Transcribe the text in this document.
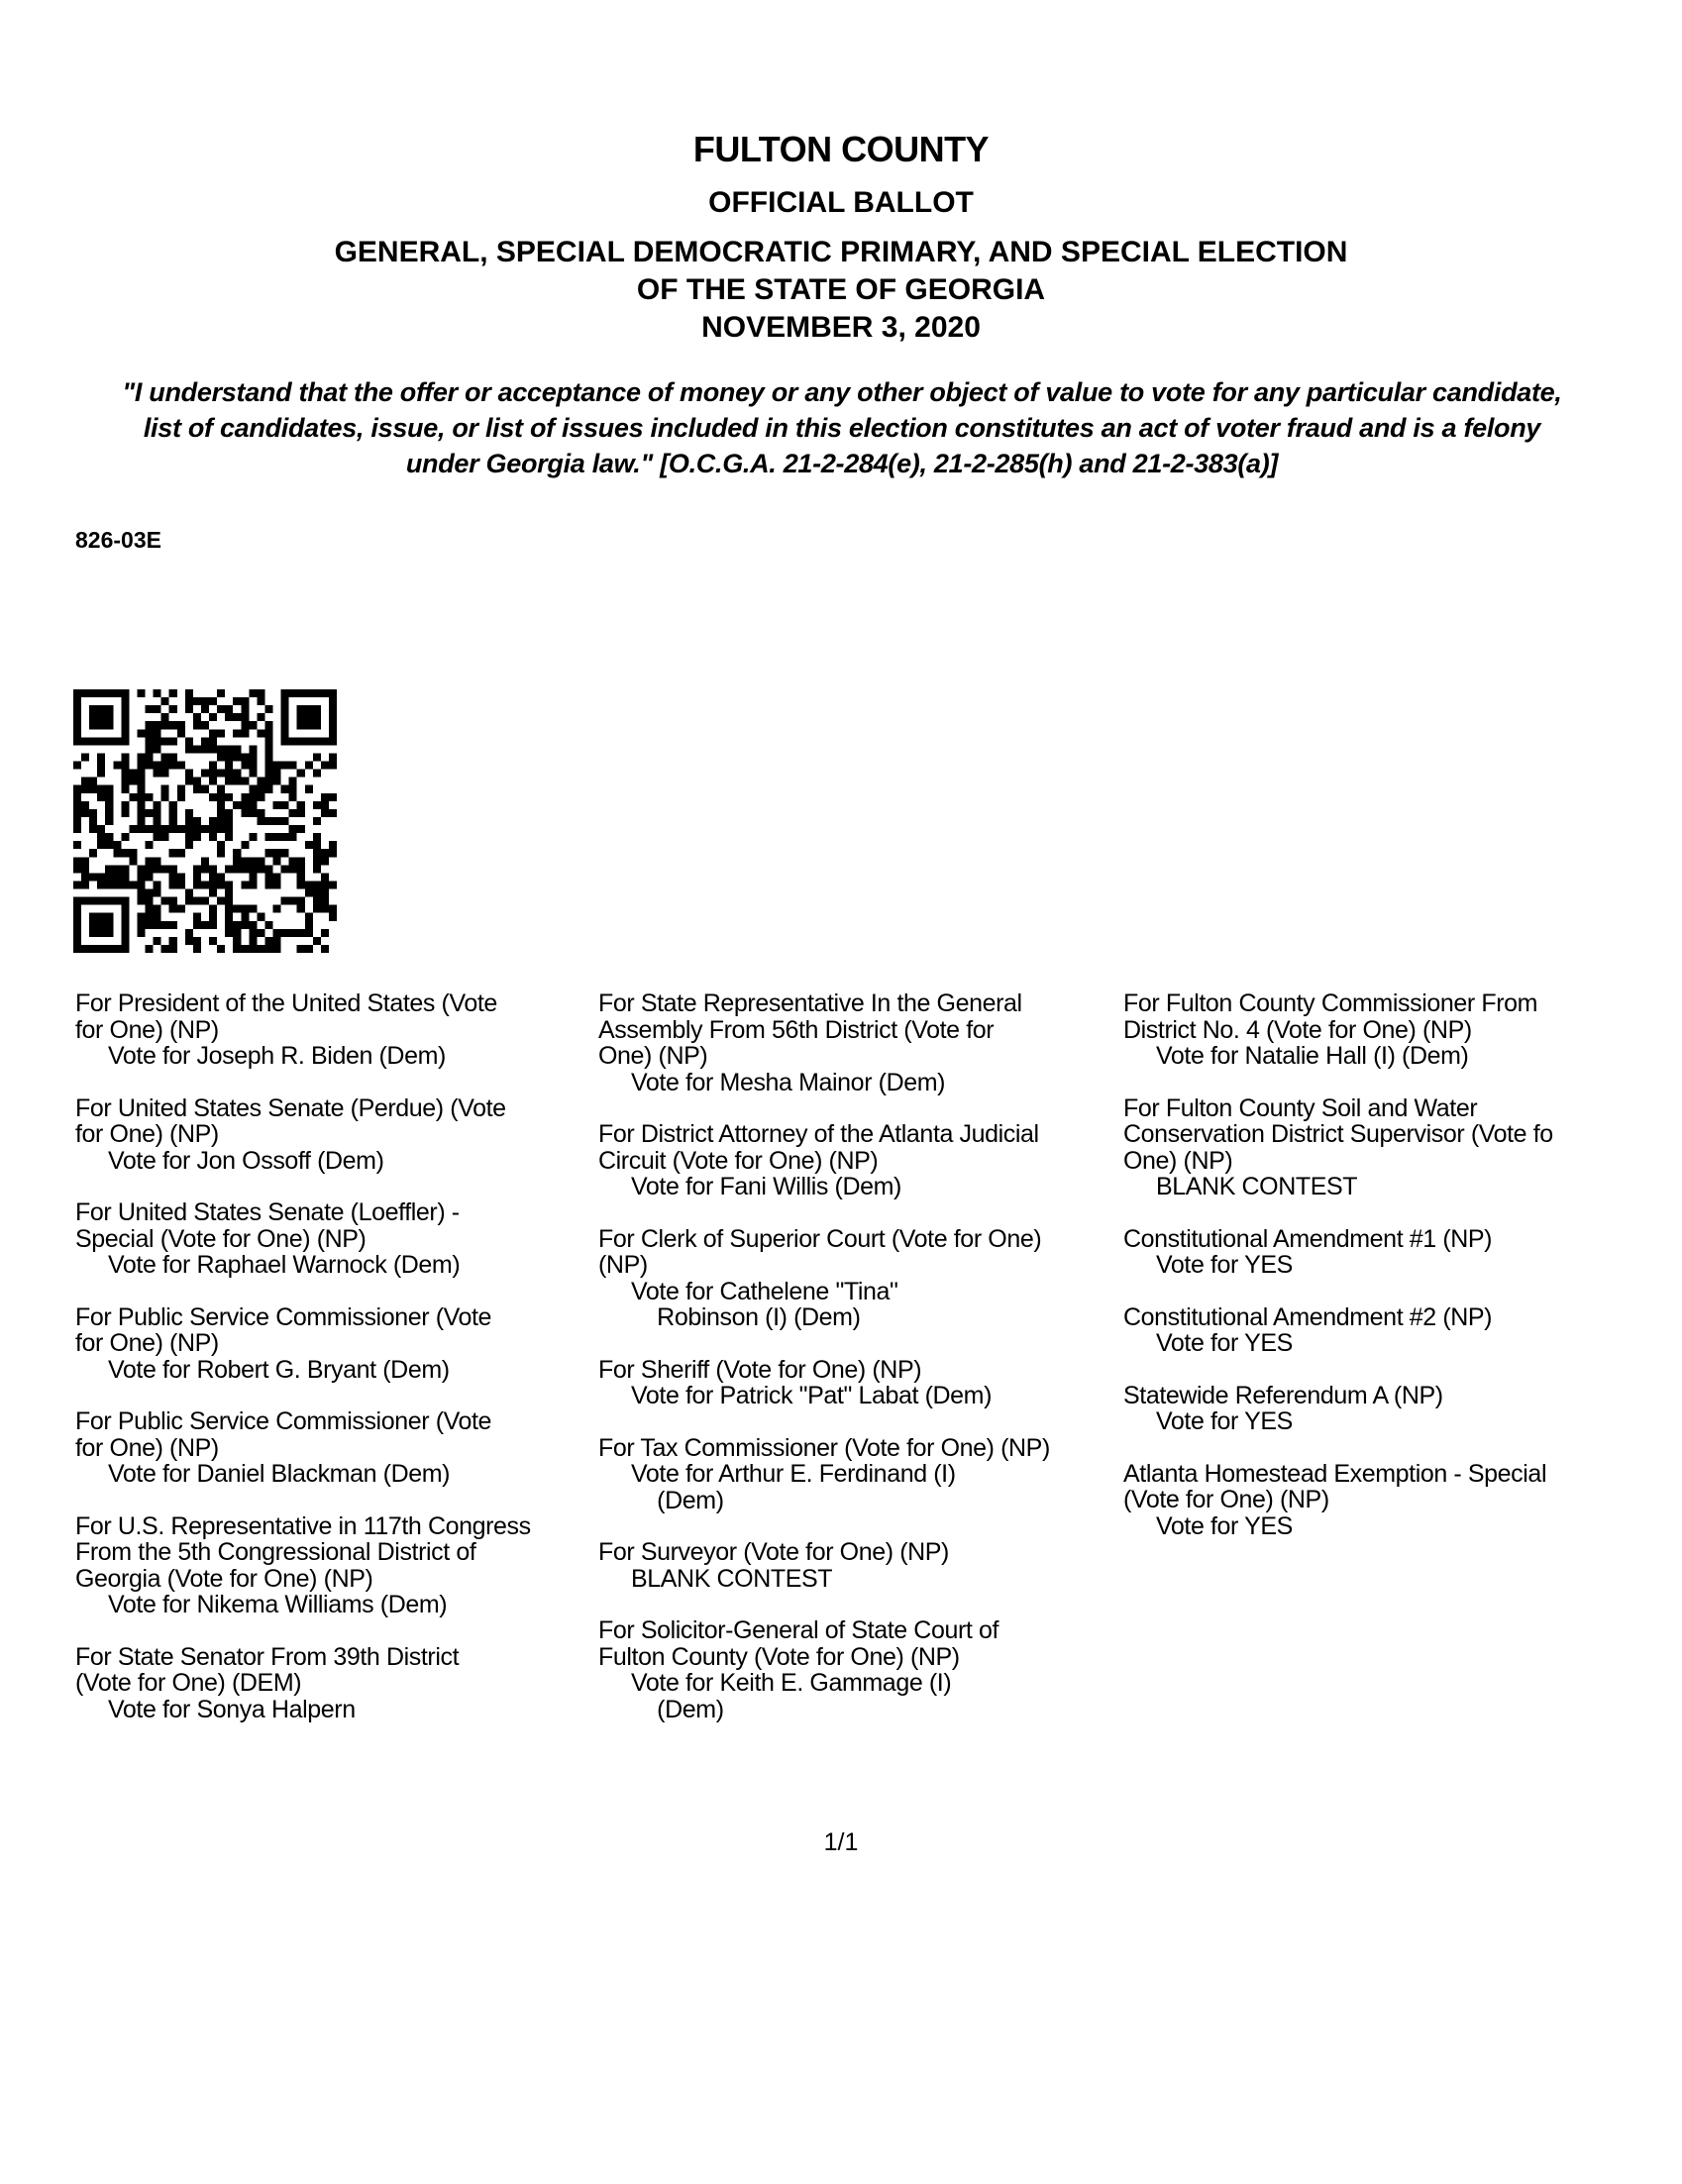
FULTON COUNTY
OFFICIAL BALLOT
GENERAL, SPECIAL DEMOCRATIC PRIMARY, AND SPECIAL ELECTION
OF THE STATE OF GEORGIA
NOVEMBER 3, 2020
"I understand that the offer or acceptance of money or any other object of value to vote for any particular candidate,
list of candidates, issue, or list of issues included in this election constitutes an act of voter fraud and is a felony
under Georgia law." [O.C.G.A. 21-2-284(e), 21-2-285(h) and 21-2-383(a)]
826-03E
For President of the United States (Vote
for One) (NP)
Vote for Joseph R. Biden (Dem)
For United States Senate (Perdue) (Vote
for One) (NP)
Vote for Jon Ossoff (Dem)
For United States Senate (Loeffler) -
Special (Vote for One) (NP)
Vote for Raphael Warnock (Dem)
For Public Service Commissioner (Vote
for One) (NP)
Vote for Robert G. Bryant (Dem)
For Public Service Commissioner (Vote
for One) (NP)
Vote for Daniel Blackman (Dem)
For U.S. Representative in 117th Congress
From the 5th Congressional District of
Georgia (Vote for One) (NP)
Vote for Nikema Williams (Dem)
For State Senator From 39th District
(Vote for One) (DEM)
Vote for Sonya Halpern
For State Representative In the General
Assembly From 56th District (Vote for
One) (NP)
Vote for Mesha Mainor (Dem)
For District Attorney of the Atlanta Judicial
Circuit (Vote for One) (NP)
Vote for Fani Willis (Dem)
For Clerk of Superior Court (Vote for One)
(NP)
Vote for Cathelene "Tina"
Robinson (I) (Dem)
For Sheriff (Vote for One) (NP)
Vote for Patrick "Pat" Labat (Dem)
For Tax Commissioner (Vote for One) (NP)
Vote for Arthur E. Ferdinand (I)
(Dem)
For Surveyor (Vote for One) (NP)
BLANK CONTEST
For Solicitor-General of State Court of
Fulton County (Vote for One) (NP)
Vote for Keith E. Gammage (I)
(Dem)
For Fulton County Commissioner From
District No. 4 (Vote for One) (NP)
Vote for Natalie Hall (I) (Dem)
For Fulton County Soil and Water
Conservation District Supervisor (Vote fo
One) (NP)
BLANK CONTEST
Constitutional Amendment #1 (NP)
Vote for YES
Constitutional Amendment #2 (NP)
Vote for YES
Statewide Referendum A (NP)
Vote for YES
Atlanta Homestead Exemption - Special
(Vote for One) (NP)
Vote for YES
1/1
